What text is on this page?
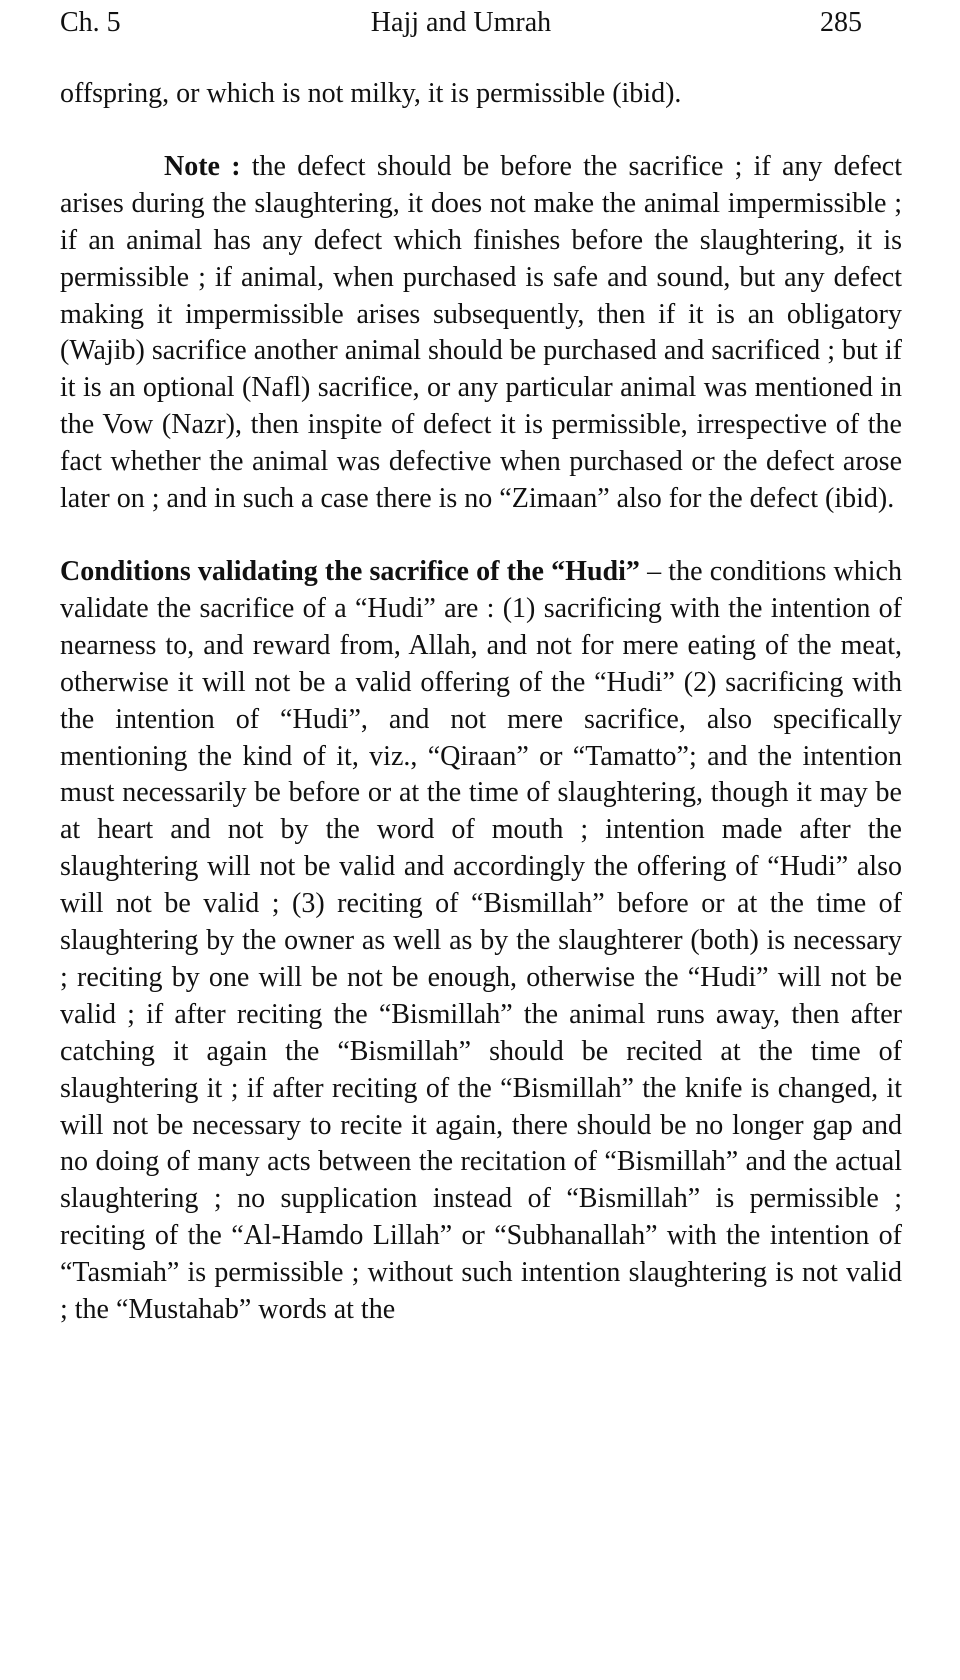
Ch. 5	Hajj and Umrah	285

offspring, or which is not milky, it is permissible (ibid).

Note : the defect should be before the sacrifice ; if any defect arises during the slaughtering, it does not make the animal impermissible ; if an animal has any defect which finishes before the slaughtering, it is permissible ; if animal, when purchased is safe and sound, but any defect making it impermissible arises subsequently, then if it is an obligatory (Wajib) sacrifice another animal should be purchased and sacrificed ; but if it is an optional (Nafl) sacrifice, or any particular animal was mentioned in the Vow (Nazr), then inspite of defect it is permissible, irrespective of the fact whether the animal was defective when purchased or the defect arose later on ; and in such a case there is no “Zimaan” also for the defect (ibid).

Conditions validating the sacrifice of the “Hudi” – the conditions which validate the sacrifice of a “Hudi” are : (1) sacrificing with the intention of nearness to, and reward from, Allah, and not for mere eating of the meat, otherwise it will not be a valid offering of the “Hudi” (2) sacrificing with the intention of “Hudi”, and not mere sacrifice, also specifically mentioning the kind of it, viz., “Qiraan” or “Tamatto”; and the intention must necessarily be before or at the time of slaughtering, though it may be at heart and not by the word of mouth ; intention made after the slaughtering will not be valid and accordingly the offering of “Hudi” also will not be valid ; (3) reciting of “Bismillah” before or at the time of slaughtering by the owner as well as by the slaughterer (both) is necessary ; reciting by one will be not be enough, otherwise the “Hudi” will not be valid ; if after reciting the “Bismillah” the animal runs away, then after catching it again the “Bismillah” should be recited at the time of slaughtering it ; if after reciting of the “Bismillah” the knife is changed, it will not be necessary to recite it again, there should be no longer gap and no doing of many acts between the recitation of “Bismillah” and the actual slaughtering ; no supplication instead of “Bismillah” is permissible ; reciting of the “Al-Hamdo Lillah” or “Subhanallah” with the intention of “Tasmiah” is permissible ; without such intention slaughtering is not valid ; the “Mustahab” words at the
